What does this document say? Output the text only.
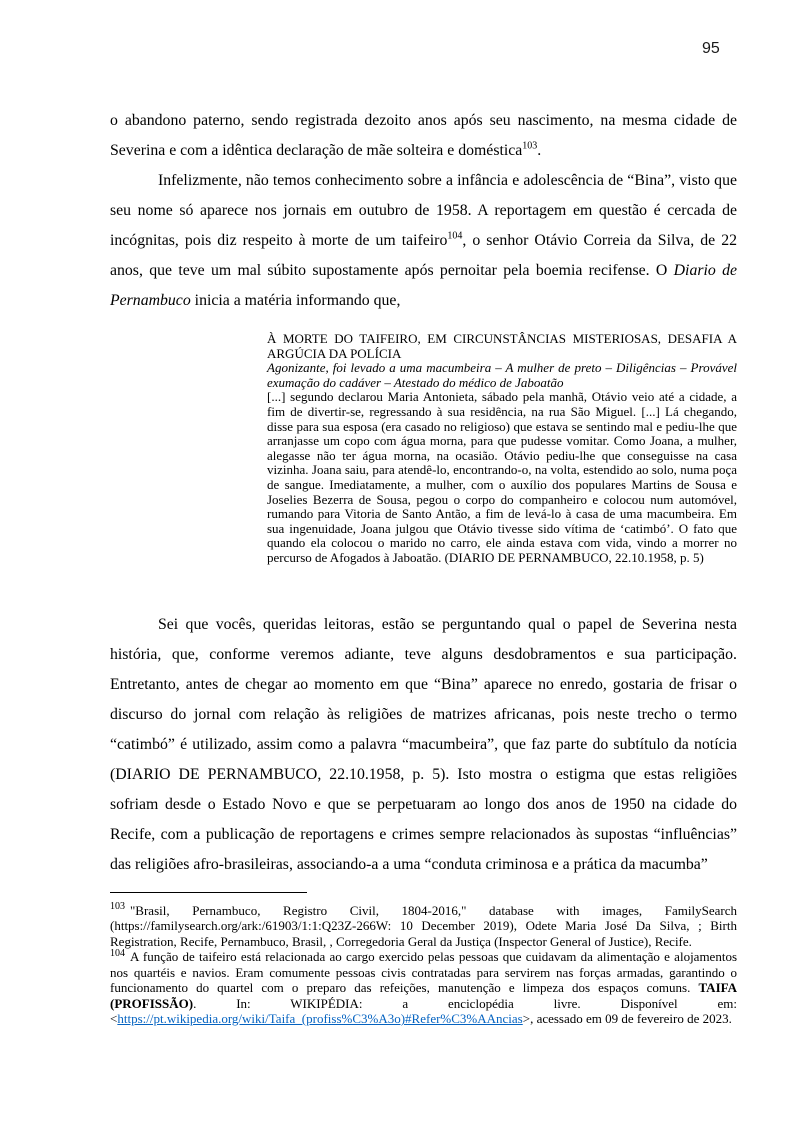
95

o abandono paterno, sendo registrada dezoito anos após seu nascimento, na mesma cidade de Severina e com a idêntica declaração de mãe solteira e doméstica$^{103}$.

Infelizmente, não temos conhecimento sobre a infância e adolescência de “Bina”, visto que seu nome só aparece nos jornais em outubro de 1958. A reportagem em questão é cercada de incógnitas, pois diz respeito à morte de um taifeiro$^{104}$, o senhor Otávio Correia da Silva, de 22 anos, que teve um mal súbito supostamente após pernoitar pela boemia recifense. O Diario de Pernambuco inicia a matéria informando que,

À MORTE DO TAIFEIRO, EM CIRCUNSTÂNCIAS MISTERIOSAS, DESAFIA A ARGÚCIA DA POLÍCIA
Agonizante, foi levado a uma macumbeira – A mulher de preto – Diligências – Provável exumação do cadáver – Atestado do médico de Jaboatão
[...] segundo declarou Maria Antonieta, sábado pela manhã, Otávio veio até a cidade, a fim de divertir-se, regressando à sua residência, na rua São Miguel. [...] Lá chegando, disse para sua esposa (era casado no religioso) que estava se sentindo mal e pediu-lhe que arranjasse um copo com água morna, para que pudesse vomitar. Como Joana, a mulher, alegasse não ter água morna, na ocasião. Otávio pediu-lhe que conseguisse na casa vizinha. Joana saiu, para atendê-lo, encontrando-o, na volta, estendido ao solo, numa poça de sangue. Imediatamente, a mulher, com o auxílio dos populares Martins de Sousa e Joselies Bezerra de Sousa, pegou o corpo do companheiro e colocou num automóvel, rumando para Vitoria de Santo Antão, a fim de levá-lo à casa de uma macumbeira. Em sua ingenuidade, Joana julgou que Otávio tivesse sido vítima de ‘catimbó’. O fato que quando ela colocou o marido no carro, ele ainda estava com vida, vindo a morrer no percurso de Afogados à Jaboatão. (DIARIO DE PERNAMBUCO, 22.10.1958, p. 5)

Sei que vocês, queridas leitoras, estão se perguntando qual o papel de Severina nesta história, que, conforme veremos adiante, teve alguns desdobramentos e sua participação. Entretanto, antes de chegar ao momento em que “Bina” aparece no enredo, gostaria de frisar o discurso do jornal com relação às religiões de matrizes africanas, pois neste trecho o termo “catimbó” é utilizado, assim como a palavra “macumbeira”, que faz parte do subtítulo da notícia (DIARIO DE PERNAMBUCO, 22.10.1958, p. 5). Isto mostra o estigma que estas religiões sofriam desde o Estado Novo e que se perpetuaram ao longo dos anos de 1950 na cidade do Recife, com a publicação de reportagens e crimes sempre relacionados às supostas “influências” das religiões afro-brasileiras, associando-a a uma “conduta criminosa e a prática da macumba”

$^{103}$ "Brasil, Pernambuco, Registro Civil, 1804-2016," database with images, FamilySearch (https://familysearch.org/ark:/61903/1:1:Q23Z-266W: 10 December 2019), Odete Maria José Da Silva, ; Birth Registration, Recife, Pernambuco, Brasil, , Corregedoria Geral da Justiça (Inspector General of Justice), Recife.

$^{104}$ A função de taifeiro está relacionada ao cargo exercido pelas pessoas que cuidavam da alimentação e alojamentos nos quartéis e navios. Eram comumente pessoas civis contratadas para servirem nas forças armadas, garantindo o funcionamento do quartel com o preparo das refeições, manutenção e limpeza dos espaços comuns. TAIFA (PROFISSÃO). In: WIKIPÉDIA: a enciclopédia livre. Disponível em: <https://pt.wikipedia.org/wiki/Taifa_(profiss%C3%A3o)#Refer%C3%AAncias>, acessado em 09 de fevereiro de 2023.
